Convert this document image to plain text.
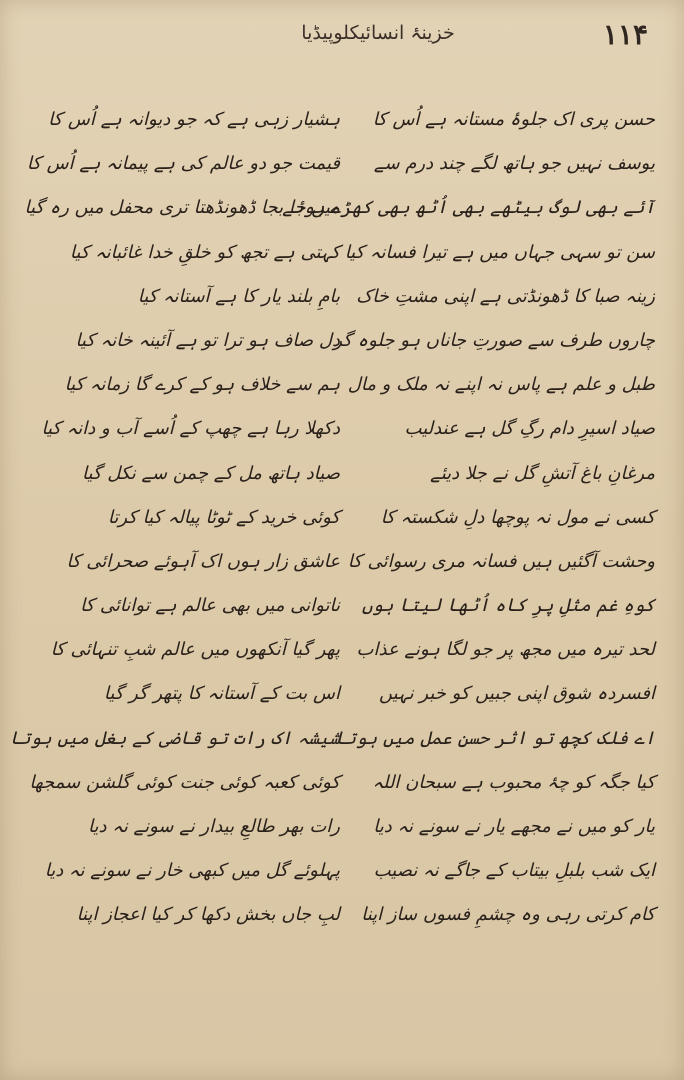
خزینۂ انسائیکلوپیڈیا	۱۱۴
حسن پری اک جلوۂ مستانہ ہے اُس کا
یوسف نہیں جو ہاتھ لگے چند درم سے
آئے بھی لوگ بیٹھے بھی اُٹھ بھی کھڑے ہوئے
سن تو سہی جہاں میں ہے تیرا فسانہ کیا
زینہ صبا کا ڈھونڈتی ہے اپنی مشتِ خاک
چاروں طرف سے صورتِ جاناں ہو جلوہ گر
طبل و علم ہے پاس نہ اپنے نہ ملک و مال
صیاد اسیرِ دام رگِ گل ہے عندلیب
مرغانِ باغ آتشِ گل نے جلا دیئے
کسی نے مول نہ پوچھا دلِ شکستہ کا
وحشت آگئیں ہیں فسانہ مری رسوائی کا
کوہِ غم مثلِ پرِ کاہ اُٹھا لیتا ہوں
لحد تیرہ میں مجھ پر جو لگا ہونے عذاب
افسردہ شوق اپنی جبیں کو خبر نہیں
اے فلک کچھ تو اثر حسنِ عمل میں ہوتا
کیا جگہ کو چۂ محبوب ہے سبحان اللہ
یار کو میں نے مجھے یار نے سونے نہ دیا
ایک شب بلبلِ بیتاب کے جاگے نہ نصیب
کام کرتی رہی وہ چشمِ فسوں ساز اپنا
ہشیار زہی ہے کہ جو دیوانہ ہے اُس کا
قیمت جو دو عالم کی ہے پیمانہ ہے اُس کا
میں جا بجا ڈھونڈھتا تری محفل میں رہ گیا
کہتی ہے تجھ کو خلقِ خدا غائبانہ کیا
بامِ بلند یار کا ہے آستانہ کیا
دل صاف ہو ترا تو ہے آئینہ خانہ کیا
ہم سے خلاف ہو کے کرے گا زمانہ کیا
دکھلا رہا ہے چھپ کے اُسے آب و دانہ کیا
صیاد ہاتھ مل کے چمن سے نکل گیا
کوئی خرید کے ٹوٹا پیالہ کیا کرتا
عاشق زار ہوں اک آہوئے صحرائی کا
ناتوانی میں بھی عالم ہے توانائی کا
پھر گیا آنکھوں میں عالم شبِ تنہائی کا
اس بت کے آستانہ کا پتھر گر گیا
شیشہ اک رات تو قاضی کے بغل میں ہوتا
کوئی کعبہ کوئی جنت کوئی گلشن سمجھا
رات بھر طالعِ بیدار نے سونے نہ دیا
پہلوئے گل میں کبھی خار نے سونے نہ دیا
لبِ جاں بخش دکھا کر کیا اعجاز اپنا
